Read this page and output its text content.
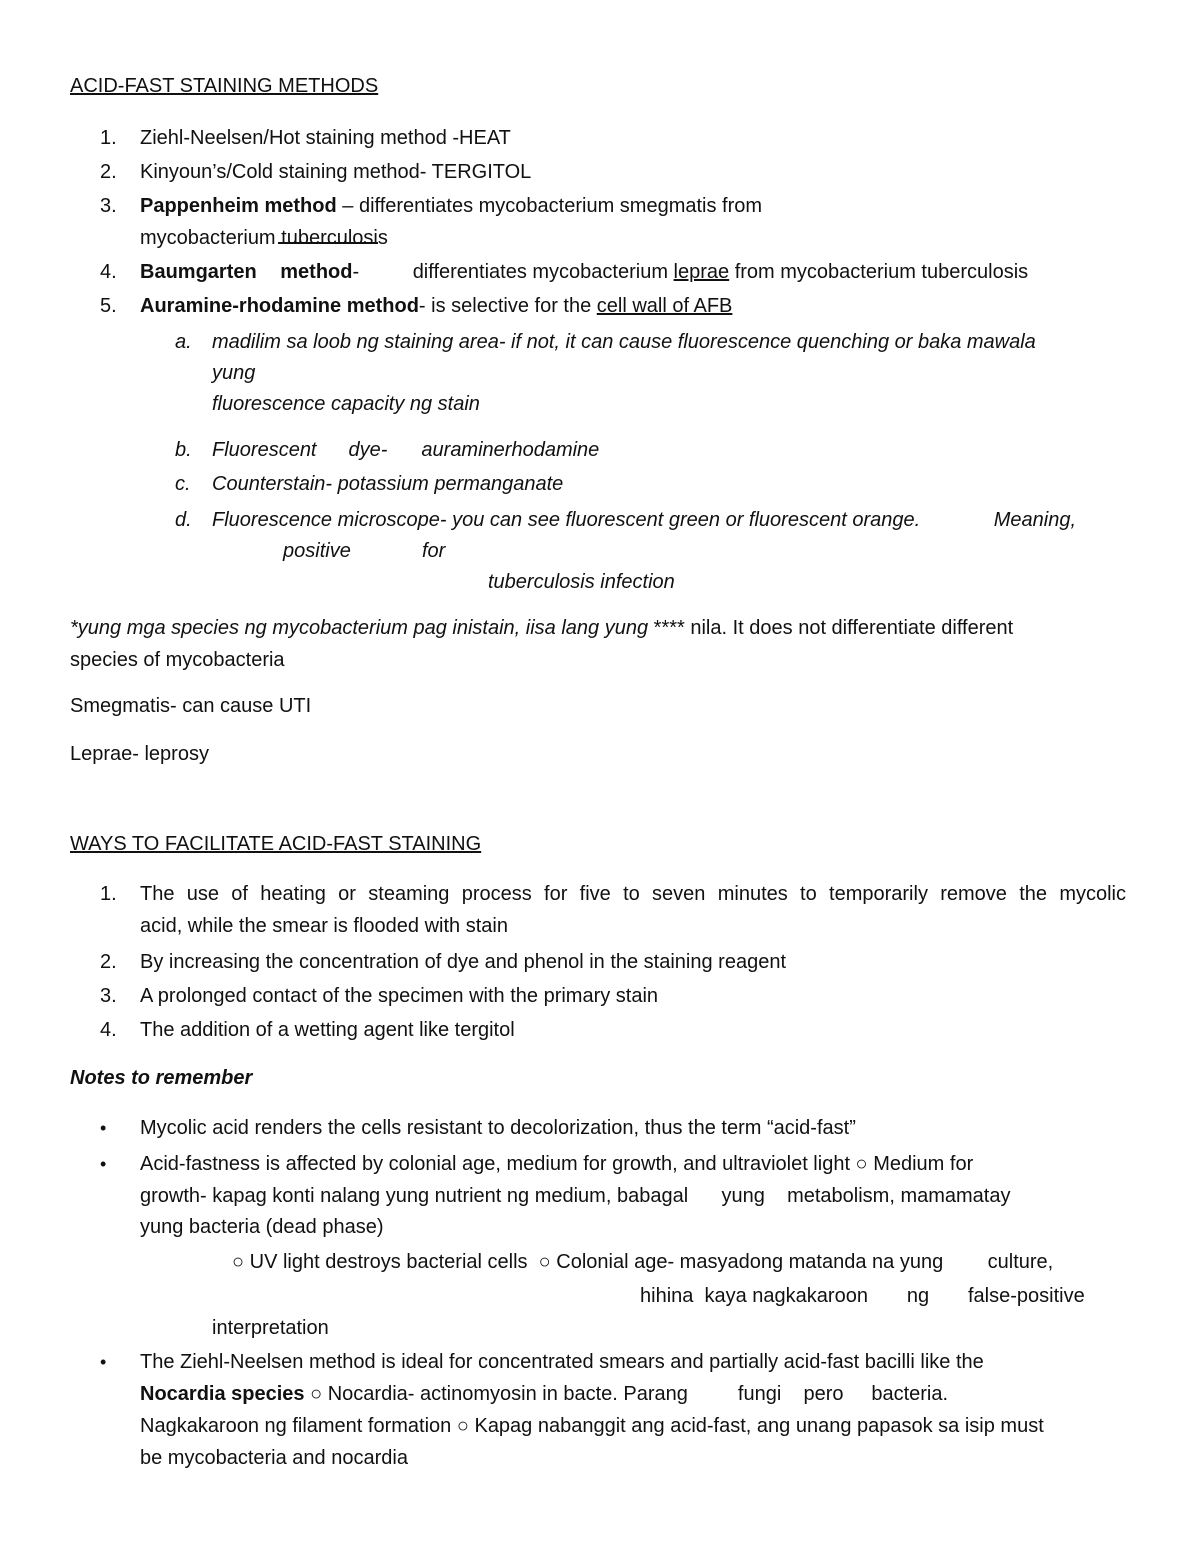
ACID-FAST STAINING METHODS
1.	Ziehl-Neelsen/Hot staining method -HEAT
2.	Kinyoun’s/Cold staining method- TERGITOL
3.	Pappenheim method – differentiates mycobacterium smegmatis from
mycobacterium tuberculosis
4.	Baumgarten method- differentiates mycobacterium leprae from mycobacterium tuberculosis
5.	Auramine-rhodamine method- is selective for the cell wall of AFB
a.	madilim sa loob ng staining area- if not, it can cause fluorescence quenching or baka mawala
yung
fluorescence capacity ng stain
b.	Fluorescent dye- auraminerhodamine
c.	Counterstain- potassium permanganate
d.	Fluorescence microscope- you can see fluorescent green or fluorescent orange.	Meaning,
positive	for
tuberculosis infection
*yung mga species ng mycobacterium pag inistain, iisa lang yung **** nila. It does not differentiate different
species of mycobacteria
Smegmatis- can cause UTI
Leprae- leprosy
WAYS TO FACILITATE ACID-FAST STAINING
1.	The use of heating or steaming process for five to seven minutes to temporarily remove the mycolic
acid, while the smear is flooded with stain
2.	By increasing the concentration of dye and phenol in the staining reagent
3.	A prolonged contact of the specimen with the primary stain
4.	The addition of a wetting agent like tergitol
Notes to remember
•	Mycolic acid renders the cells resistant to decolorization, thus the term “acid-fast”
•	Acid-fastness is affected by colonial age, medium for growth, and ultraviolet light ○ Medium for
growth- kapag konti nalang yung nutrient ng medium, babagal      yung    metabolism, mamamatay
yung bacteria (dead phase)
○ UV light destroys bacterial cells  ○ Colonial age- masyadong matanda na yung        culture,
hihina  kaya nagkakaroon       ng       false-positive
interpretation
•	The Ziehl-Neelsen method is ideal for concentrated smears and partially acid-fast bacilli like the
Nocardia species ○ Nocardia- actinomyosin in bacte. Parang         fungi    pero     bacteria.
Nagkakaroon ng filament formation ○ Kapag nabanggit ang acid-fast, ang unang papasok sa isip must
be mycobacteria and nocardia
